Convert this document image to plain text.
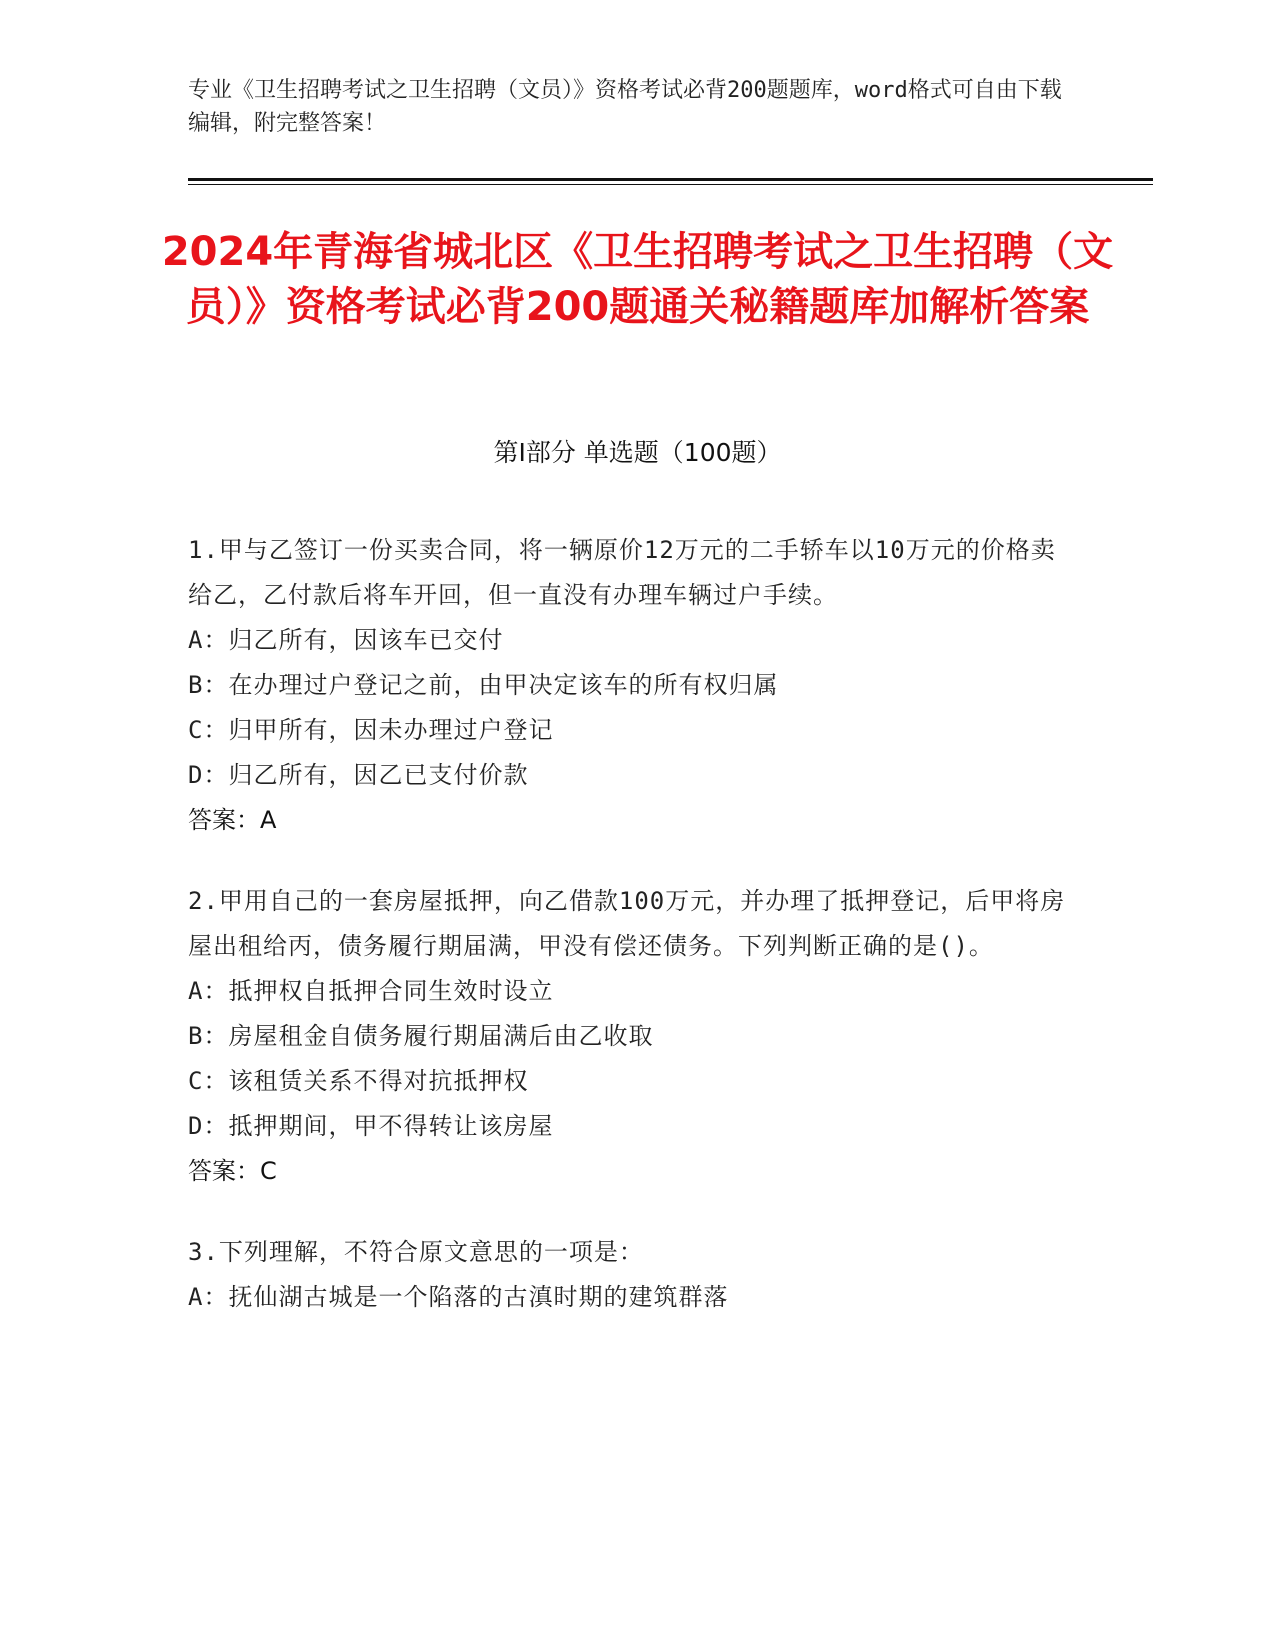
专业《卫生招聘考试之卫生招聘（文员）》资格考试必背200题题库，word格式可自由下载编辑，附完整答案！
2024年青海省城北区《卫生招聘考试之卫生招聘（文员）》资格考试必背200题通关秘籍题库加解析答案
第Ⅰ部分 单选题（100题）
1.甲与乙签订一份买卖合同，将一辆原价12万元的二手轿车以10万元的价格卖给乙，乙付款后将车开回，但一直没有办理车辆过户手续。
A：归乙所有，因该车已交付
B：在办理过户登记之前，由甲决定该车的所有权归属
C：归甲所有，因未办理过户登记
D：归乙所有，因乙已支付价款
答案：A
2.甲用自己的一套房屋抵押，向乙借款100万元，并办理了抵押登记，后甲将房屋出租给丙，债务履行期届满，甲没有偿还债务。下列判断正确的是()。
A：抵押权自抵押合同生效时设立
B：房屋租金自债务履行期届满后由乙收取
C：该租赁关系不得对抗抵押权
D：抵押期间，甲不得转让该房屋
答案：C
3.下列理解，不符合原文意思的一项是：
A：抚仙湖古城是一个陷落的古滇时期的建筑群落
